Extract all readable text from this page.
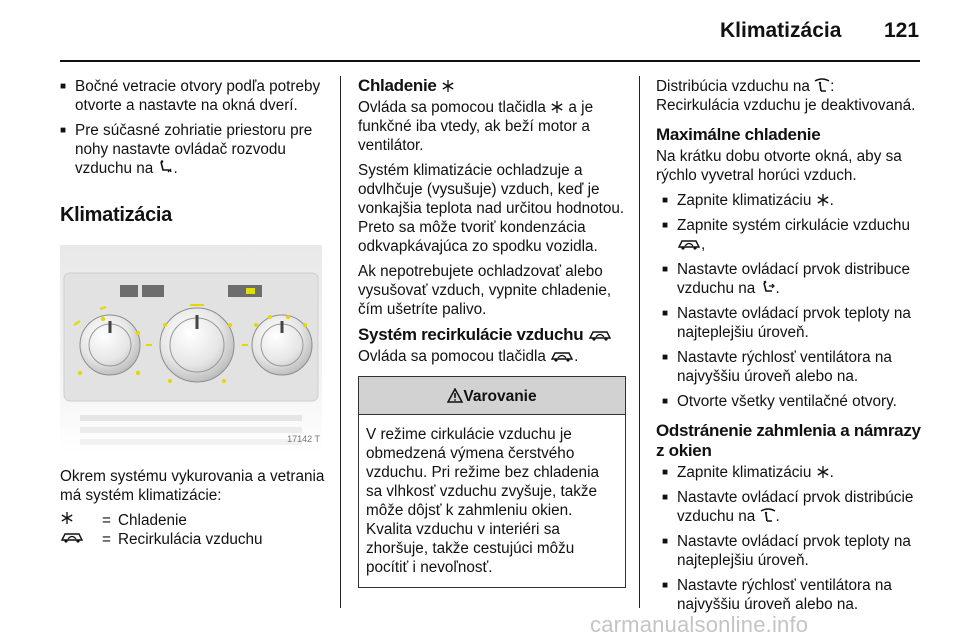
Klimatizácia 121
■ Bočné vetracie otvory podľa potreby otvorte a nastavte na okná dverí.
■ Pre súčasné zohriatie priestoru pre nohy nastavte ovládač rozvodu vzduchu na .
Klimatizácia
17142 T

Okrem systému vykurovania a vetrania má systém klimatizácie:

= Chladenie
= Recirkulácia vzduchu
Chladenie

Ovláda sa pomocou tlačidla a je funkčné iba vtedy, ak beží motor a ventilátor.

Systém klimatizácie ochladzuje a odvlhčuje (vysušuje) vzduch, keď je vonkajšia teplota nad určitou hodnotou. Preto sa môže tvoriť kondenzácia odkvapkávajúca zo spodku vozidla.

Ak nepotrebujete ochladzovať alebo vysušovať vzduch, vypnite chladenie, čím ušetríte palivo.

Systém recirkulácie vzduchu

Ovláda sa pomocou tlačidla .

Varovanie
V režime cirkulácie vzduchu je obmedzená výmena čerstvého vzduchu. Pri režime bez chladenia sa vlhkosť vzduchu zvyšuje, takže môže dôjsť k zahmleniu okien. Kvalita vzduchu v interiéri sa zhoršuje, takže cestujúci môžu pocítiť i nevoľnosť.

Distribúcia vzduchu na :
Recirkulácia vzduchu je deaktivovaná.

Maximálne chladenie

Na krátku dobu otvorte okná, aby sa rýchlo vyvetral horúci vzduch.

■ Zapnite klimatizáciu .
■ Zapnite systém cirkulácie vzduchu
,
■ Nastavte ovládací prvok distribuce vzduchu na .
■ Nastavte ovládací prvok teploty na najteplejšiu úroveň.
■ Nastavte rýchlosť ventilátora na najvyššiu úroveň alebo na.
■ Otvorte všetky ventilačné otvory.
Odstránenie zahmlenia a námrazy z okien
■ Zapnite klimatizáciu .
■ Nastavte ovládací prvok distribúcie vzduchu na .
■ Nastavte ovládací prvok teploty na najteplejšiu úroveň.
■ Nastavte rýchlosť ventilátora na najvyššiu úroveň alebo na.
carmanualsonline.info
